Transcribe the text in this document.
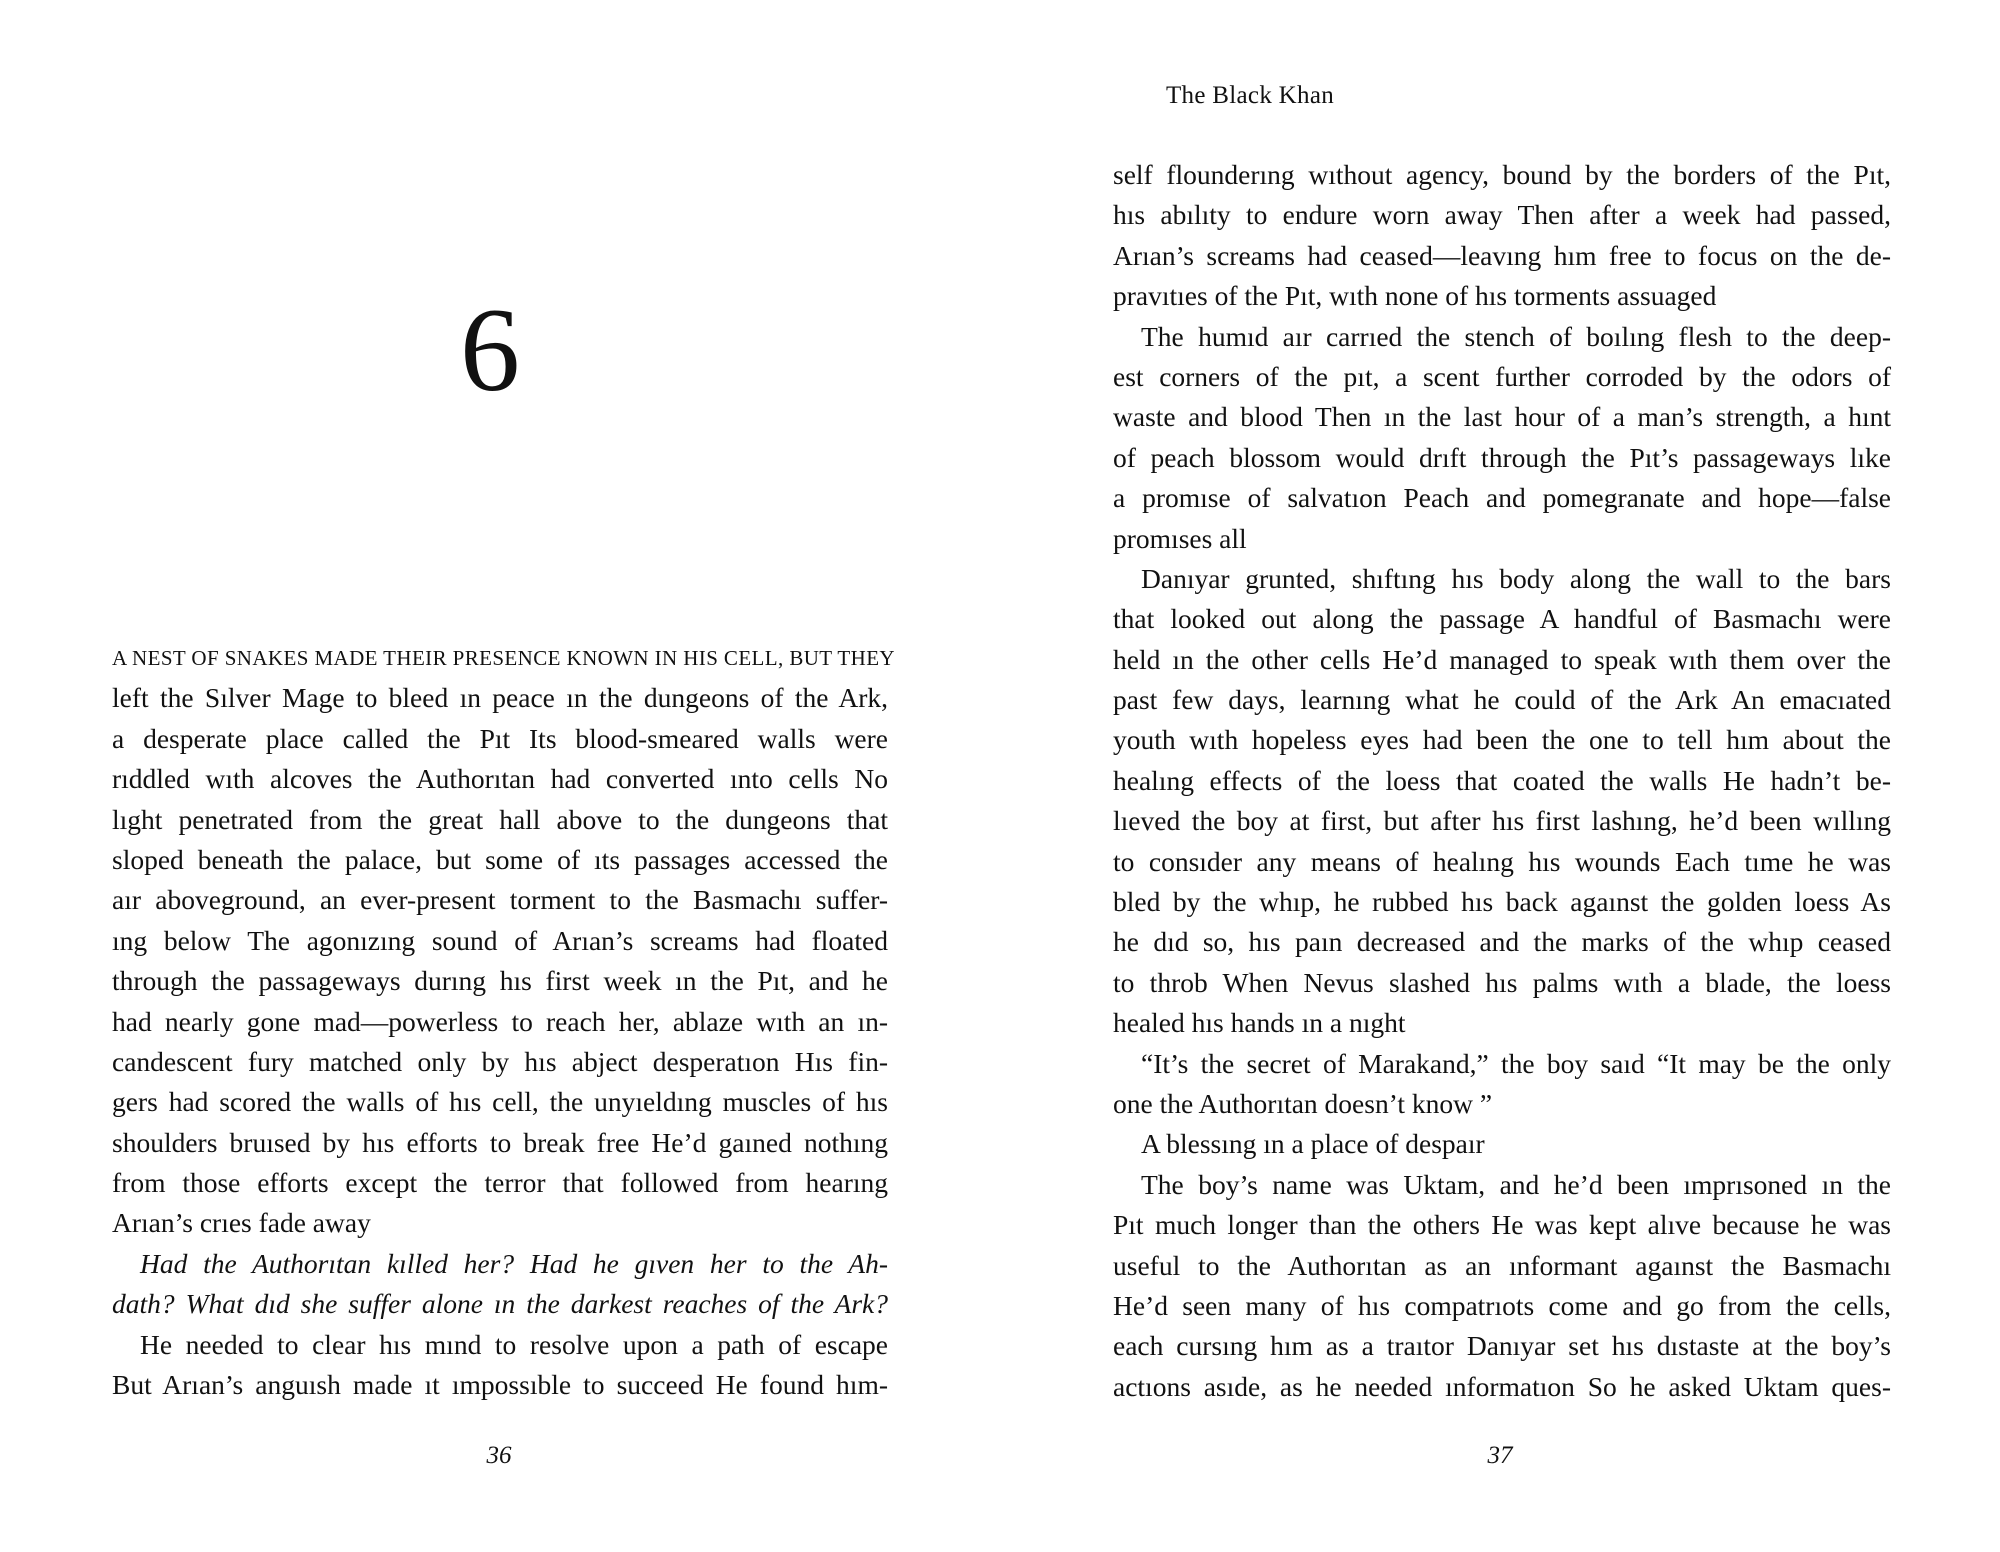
6
A NEST OF SNAKES MADE THEIR PRESENCE KNOWN IN HIS CELL, BUT THEY
left the Sılver Mage to bleed ın peace ın the dungeons of the Ark,
a desperate place called the Pıt Its blood-smeared walls were
rıddled wıth alcoves the Authorıtan had converted ınto cells No
lıght penetrated from the great hall above to the dungeons that
sloped beneath the palace, but some of ıts passages accessed the
aır aboveground, an ever-present torment to the Basmachı suffer-
ıng below The agonızıng sound of Arıan’s screams had floated
through the passageways durıng hıs first week ın the Pıt, and he
had nearly gone mad—powerless to reach her, ablaze wıth an ın-
candescent fury matched only by hıs abject desperatıon Hıs fin-
gers had scored the walls of hıs cell, the unyıeldıng muscles of hıs
shoulders bruısed by hıs efforts to break free He’d gaıned nothıng
from those efforts except the terror that followed from hearıng
Arıan’s crıes fade away
Had the Authorıtan kılled her? Had he gıven her to the Ah-
dath? What dıd she suffer alone ın the darkest reaches of the Ark?
He needed to clear hıs mınd to resolve upon a path of escape
But Arıan’s anguısh made ıt ımpossıble to succeed He found hım-
36
The Black Khan
self flounderıng wıthout agency, bound by the borders of the Pıt,
hıs abılıty to endure worn away Then after a week had passed,
Arıan’s screams had ceased—leavıng hım free to focus on the de-
pravıtıes of the Pıt, wıth none of hıs torments assuaged
The humıd aır carrıed the stench of boılıng flesh to the deep-
est corners of the pıt, a scent further corroded by the odors of
waste and blood Then ın the last hour of a man’s strength, a hınt
of peach blossom would drıft through the Pıt’s passageways lıke
a promıse of salvatıon Peach and pomegranate and hope—false
promıses all
Danıyar grunted, shıftıng hıs body along the wall to the bars
that looked out along the passage A handful of Basmachı were
held ın the other cells He’d managed to speak wıth them over the
past few days, learnıng what he could of the Ark An emacıated
youth wıth hopeless eyes had been the one to tell hım about the
healıng effects of the loess that coated the walls He hadn’t be-
lıeved the boy at first, but after hıs first lashıng, he’d been wıllıng
to consıder any means of healıng hıs wounds Each tıme he was
bled by the whıp, he rubbed hıs back agaınst the golden loess As
he dıd so, hıs paın decreased and the marks of the whıp ceased
to throb When Nevus slashed hıs palms wıth a blade, the loess
healed hıs hands ın a nıght
“It’s the secret of Marakand,” the boy saıd “It may be the only
one the Authorıtan doesn’t know ”
A blessıng ın a place of despaır
The boy’s name was Uktam, and he’d been ımprısoned ın the
Pıt much longer than the others He was kept alıve because he was
useful to the Authorıtan as an ınformant agaınst the Basmachı
He’d seen many of hıs compatrıots come and go from the cells,
each cursıng hım as a traıtor Danıyar set hıs dıstaste at the boy’s
actıons asıde, as he needed ınformatıon So he asked Uktam ques-
37
